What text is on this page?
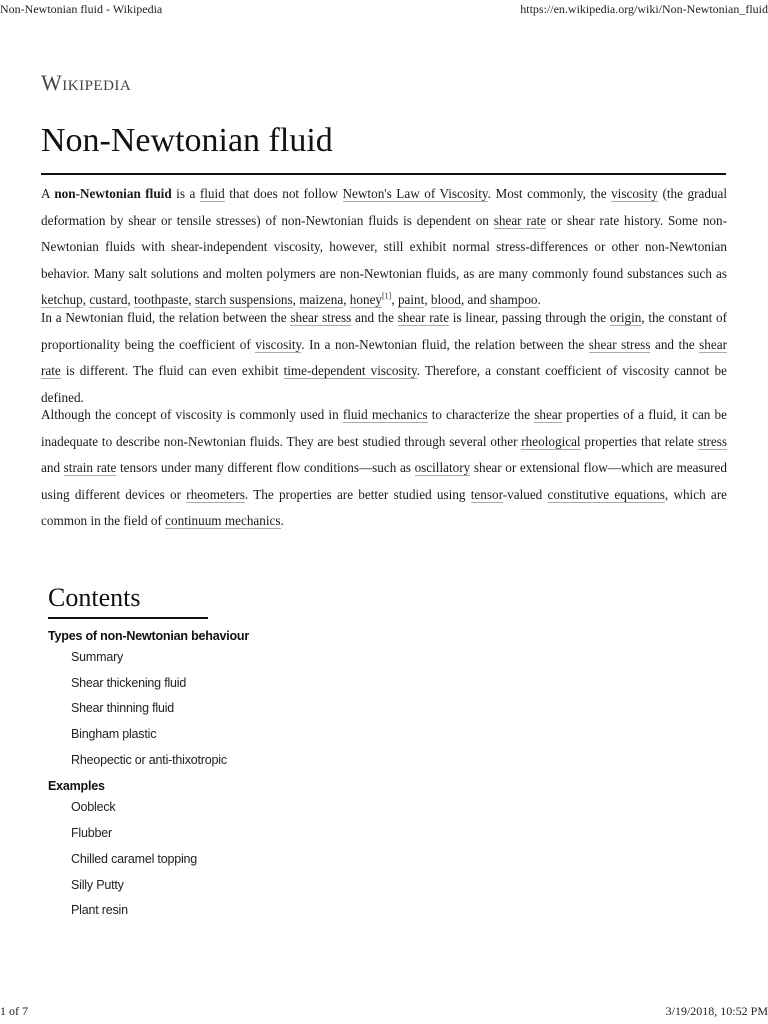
Non-Newtonian fluid - Wikipedia	https://en.wikipedia.org/wiki/Non-Newtonian_fluid
Wikipedia
Non-Newtonian fluid

A non-Newtonian fluid is a fluid that does not follow Newton's Law of Viscosity. Most commonly, the viscosity (the gradual deformation by shear or tensile stresses) of non-Newtonian fluids is dependent on shear rate or shear rate history. Some non-Newtonian fluids with shear-independent viscosity, however, still exhibit normal stress-differences or other non-Newtonian behavior. Many salt solutions and molten polymers are non-Newtonian fluids, as are many commonly found substances such as ketchup, custard, toothpaste, starch suspensions, maizena, honey[1], paint, blood, and shampoo.

In a Newtonian fluid, the relation between the shear stress and the shear rate is linear, passing through the origin, the constant of proportionality being the coefficient of viscosity. In a non-Newtonian fluid, the relation between the shear stress and the shear rate is different. The fluid can even exhibit time-dependent viscosity. Therefore, a constant coefficient of viscosity cannot be defined.

Although the concept of viscosity is commonly used in fluid mechanics to characterize the shear properties of a fluid, it can be inadequate to describe non-Newtonian fluids. They are best studied through several other rheological properties that relate stress and strain rate tensors under many different flow conditions—such as oscillatory shear or extensional flow—which are measured using different devices or rheometers. The properties are better studied using tensor-valued constitutive equations, which are common in the field of continuum mechanics.

Contents
Types of non-Newtonian behaviour
Summary
Shear thickening fluid
Shear thinning fluid
Bingham plastic
Rheopectic or anti-thixotropic
Examples
Oobleck
Flubber
Chilled caramel topping
Silly Putty
Plant resin
1 of 7	3/19/2018, 10:52 PM
